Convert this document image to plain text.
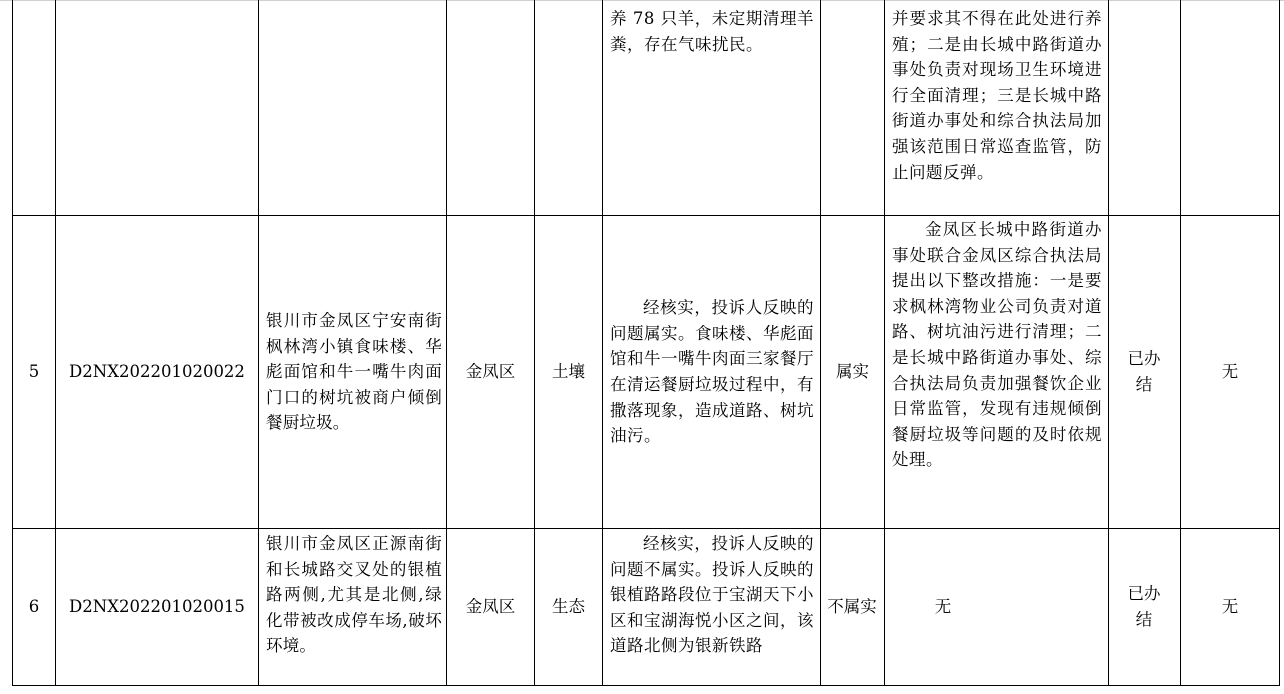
养 78 只羊，未定期清理羊粪，存在气味扰民。
并要求其不得在此处进行养殖；二是由长城中路街道办事处负责对现场卫生环境进行全面清理；三是长城中路街道办事处和综合执法局加强该范围日常巡查监管，防止问题反弹。
5 D2NX202201020022
银川市金凤区宁安南街枫林湾小镇食味楼、华彪面馆和牛一嘴牛肉面门口的树坑被商户倾倒餐厨垃圾。
金凤区 土壤
经核实，投诉人反映的问题属实。食味楼、华彪面馆和牛一嘴牛肉面三家餐厅在清运餐厨垃圾过程中，有撒落现象，造成道路、树坑油污。
属实
金凤区长城中路街道办事处联合金凤区综合执法局提出以下整改措施：一是要求枫林湾物业公司负责对道路、树坑油污进行清理；二是长城中路街道办事处、综合执法局负责加强餐饮企业日常监管，发现有违规倾倒餐厨垃圾等问题的及时依规处理。
已办结
无
6 D2NX202201020015
银川市金凤区正源南街和长城路交叉处的银植路两侧,尤其是北侧,绿化带被改成停车场,破坏环境。
金凤区 生态
经核实，投诉人反映的问题不属实。投诉人反映的银植路路段位于宝湖天下小区和宝湖海悦小区之间，该道路北侧为银新铁路
不属实	无
已办结
无
